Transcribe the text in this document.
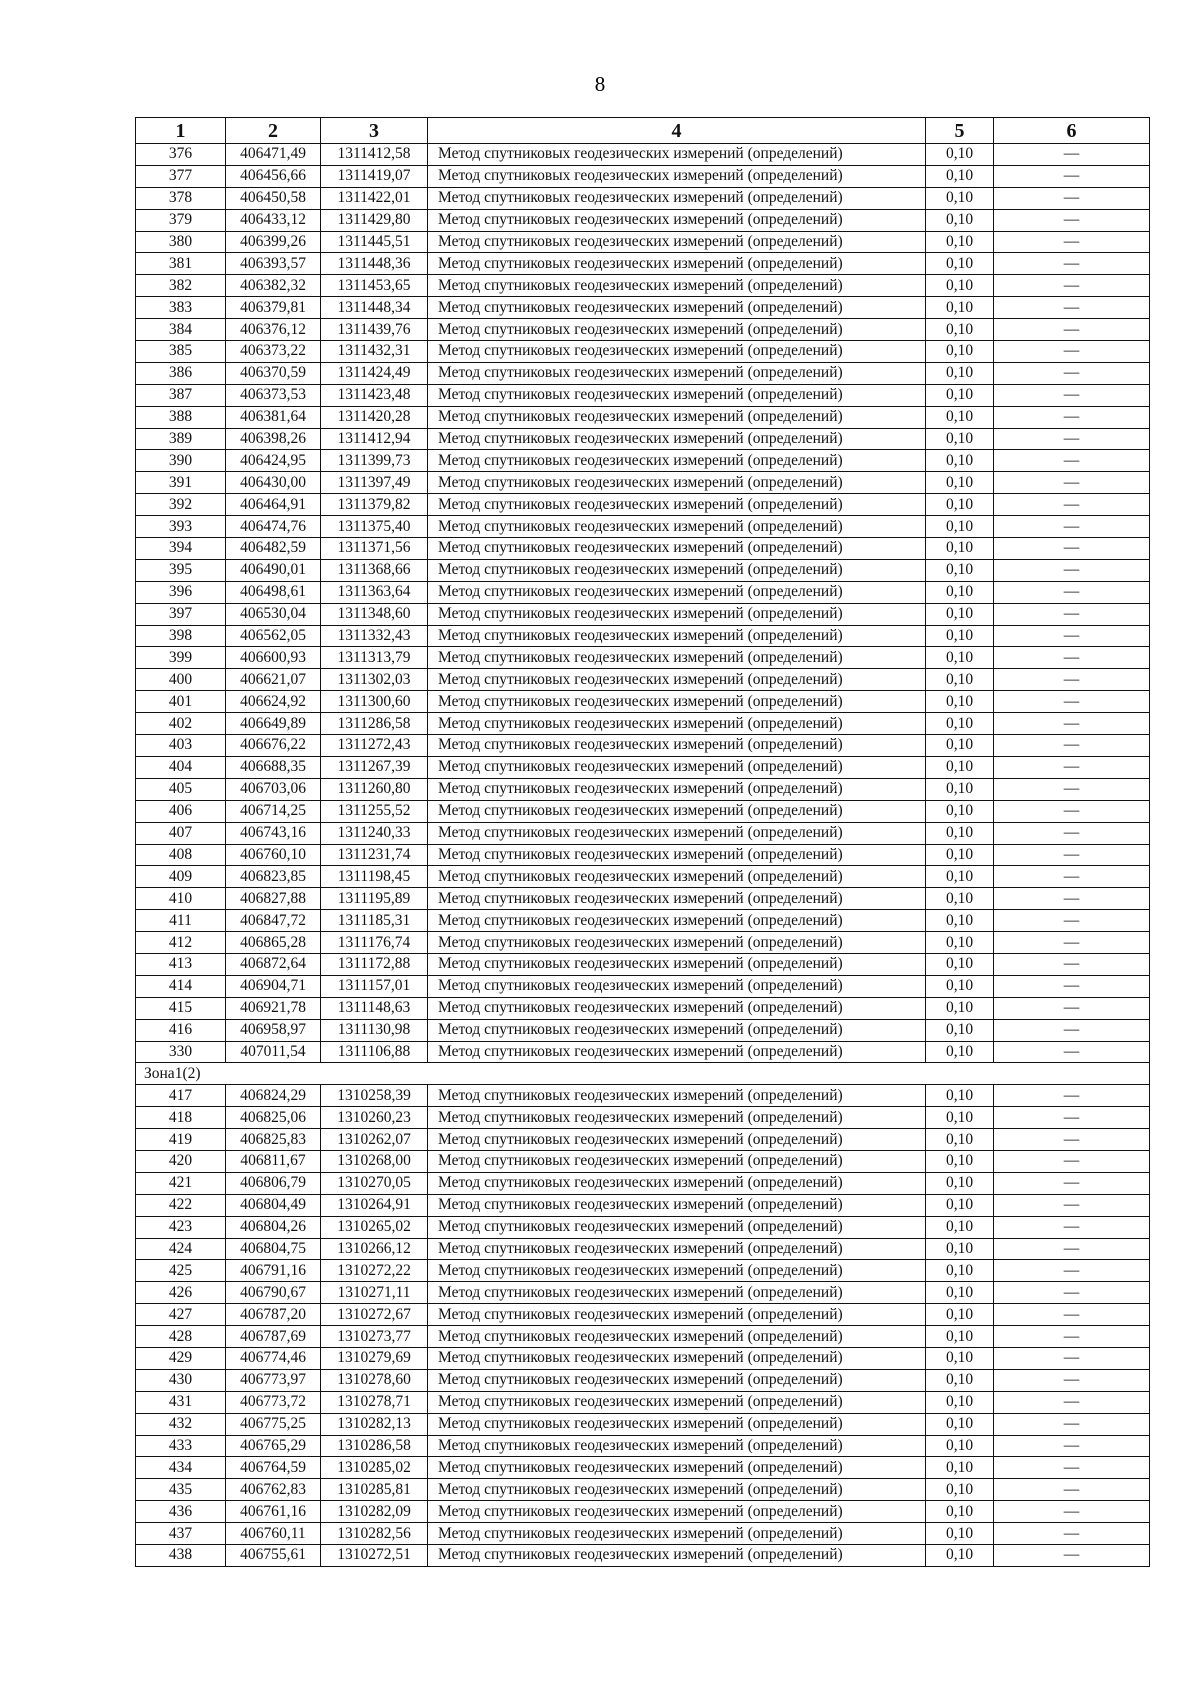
8
1	2	3	4	5	6
376	406471,49	1311412,58	Метод спутниковых геодезических измерений (определений)	0,10	—
377	406456,66	1311419,07	Метод спутниковых геодезических измерений (определений)	0,10	—
378	406450,58	1311422,01	Метод спутниковых геодезических измерений (определений)	0,10	—
379	406433,12	1311429,80	Метод спутниковых геодезических измерений (определений)	0,10	—
380	406399,26	1311445,51	Метод спутниковых геодезических измерений (определений)	0,10	—
381	406393,57	1311448,36	Метод спутниковых геодезических измерений (определений)	0,10	—
382	406382,32	1311453,65	Метод спутниковых геодезических измерений (определений)	0,10	—
383	406379,81	1311448,34	Метод спутниковых геодезических измерений (определений)	0,10	—
384	406376,12	1311439,76	Метод спутниковых геодезических измерений (определений)	0,10	—
385	406373,22	1311432,31	Метод спутниковых геодезических измерений (определений)	0,10	—
386	406370,59	1311424,49	Метод спутниковых геодезических измерений (определений)	0,10	—
387	406373,53	1311423,48	Метод спутниковых геодезических измерений (определений)	0,10	—
388	406381,64	1311420,28	Метод спутниковых геодезических измерений (определений)	0,10	—
389	406398,26	1311412,94	Метод спутниковых геодезических измерений (определений)	0,10	—
390	406424,95	1311399,73	Метод спутниковых геодезических измерений (определений)	0,10	—
391	406430,00	1311397,49	Метод спутниковых геодезических измерений (определений)	0,10	—
392	406464,91	1311379,82	Метод спутниковых геодезических измерений (определений)	0,10	—
393	406474,76	1311375,40	Метод спутниковых геодезических измерений (определений)	0,10	—
394	406482,59	1311371,56	Метод спутниковых геодезических измерений (определений)	0,10	—
395	406490,01	1311368,66	Метод спутниковых геодезических измерений (определений)	0,10	—
396	406498,61	1311363,64	Метод спутниковых геодезических измерений (определений)	0,10	—
397	406530,04	1311348,60	Метод спутниковых геодезических измерений (определений)	0,10	—
398	406562,05	1311332,43	Метод спутниковых геодезических измерений (определений)	0,10	—
399	406600,93	1311313,79	Метод спутниковых геодезических измерений (определений)	0,10	—
400	406621,07	1311302,03	Метод спутниковых геодезических измерений (определений)	0,10	—
401	406624,92	1311300,60	Метод спутниковых геодезических измерений (определений)	0,10	—
402	406649,89	1311286,58	Метод спутниковых геодезических измерений (определений)	0,10	—
403	406676,22	1311272,43	Метод спутниковых геодезических измерений (определений)	0,10	—
404	406688,35	1311267,39	Метод спутниковых геодезических измерений (определений)	0,10	—
405	406703,06	1311260,80	Метод спутниковых геодезических измерений (определений)	0,10	—
406	406714,25	1311255,52	Метод спутниковых геодезических измерений (определений)	0,10	—
407	406743,16	1311240,33	Метод спутниковых геодезических измерений (определений)	0,10	—
408	406760,10	1311231,74	Метод спутниковых геодезических измерений (определений)	0,10	—
409	406823,85	1311198,45	Метод спутниковых геодезических измерений (определений)	0,10	—
410	406827,88	1311195,89	Метод спутниковых геодезических измерений (определений)	0,10	—
411	406847,72	1311185,31	Метод спутниковых геодезических измерений (определений)	0,10	—
412	406865,28	1311176,74	Метод спутниковых геодезических измерений (определений)	0,10	—
413	406872,64	1311172,88	Метод спутниковых геодезических измерений (определений)	0,10	—
414	406904,71	1311157,01	Метод спутниковых геодезических измерений (определений)	0,10	—
415	406921,78	1311148,63	Метод спутниковых геодезических измерений (определений)	0,10	—
416	406958,97	1311130,98	Метод спутниковых геодезических измерений (определений)	0,10	—
330	407011,54	1311106,88	Метод спутниковых геодезических измерений (определений)	0,10	—
Зона1(2)					
417	406824,29	1310258,39	Метод спутниковых геодезических измерений (определений)	0,10	—
418	406825,06	1310260,23	Метод спутниковых геодезических измерений (определений)	0,10	—
419	406825,83	1310262,07	Метод спутниковых геодезических измерений (определений)	0,10	—
420	406811,67	1310268,00	Метод спутниковых геодезических измерений (определений)	0,10	—
421	406806,79	1310270,05	Метод спутниковых геодезических измерений (определений)	0,10	—
422	406804,49	1310264,91	Метод спутниковых геодезических измерений (определений)	0,10	—
423	406804,26	1310265,02	Метод спутниковых геодезических измерений (определений)	0,10	—
424	406804,75	1310266,12	Метод спутниковых геодезических измерений (определений)	0,10	—
425	406791,16	1310272,22	Метод спутниковых геодезических измерений (определений)	0,10	—
426	406790,67	1310271,11	Метод спутниковых геодезических измерений (определений)	0,10	—
427	406787,20	1310272,67	Метод спутниковых геодезических измерений (определений)	0,10	—
428	406787,69	1310273,77	Метод спутниковых геодезических измерений (определений)	0,10	—
429	406774,46	1310279,69	Метод спутниковых геодезических измерений (определений)	0,10	—
430	406773,97	1310278,60	Метод спутниковых геодезических измерений (определений)	0,10	—
431	406773,72	1310278,71	Метод спутниковых геодезических измерений (определений)	0,10	—
432	406775,25	1310282,13	Метод спутниковых геодезических измерений (определений)	0,10	—
433	406765,29	1310286,58	Метод спутниковых геодезических измерений (определений)	0,10	—
434	406764,59	1310285,02	Метод спутниковых геодезических измерений (определений)	0,10	—
435	406762,83	1310285,81	Метод спутниковых геодезических измерений (определений)	0,10	—
436	406761,16	1310282,09	Метод спутниковых геодезических измерений (определений)	0,10	—
437	406760,11	1310282,56	Метод спутниковых геодезических измерений (определений)	0,10	—
438	406755,61	1310272,51	Метод спутниковых геодезических измерений (определений)	0,10	—
